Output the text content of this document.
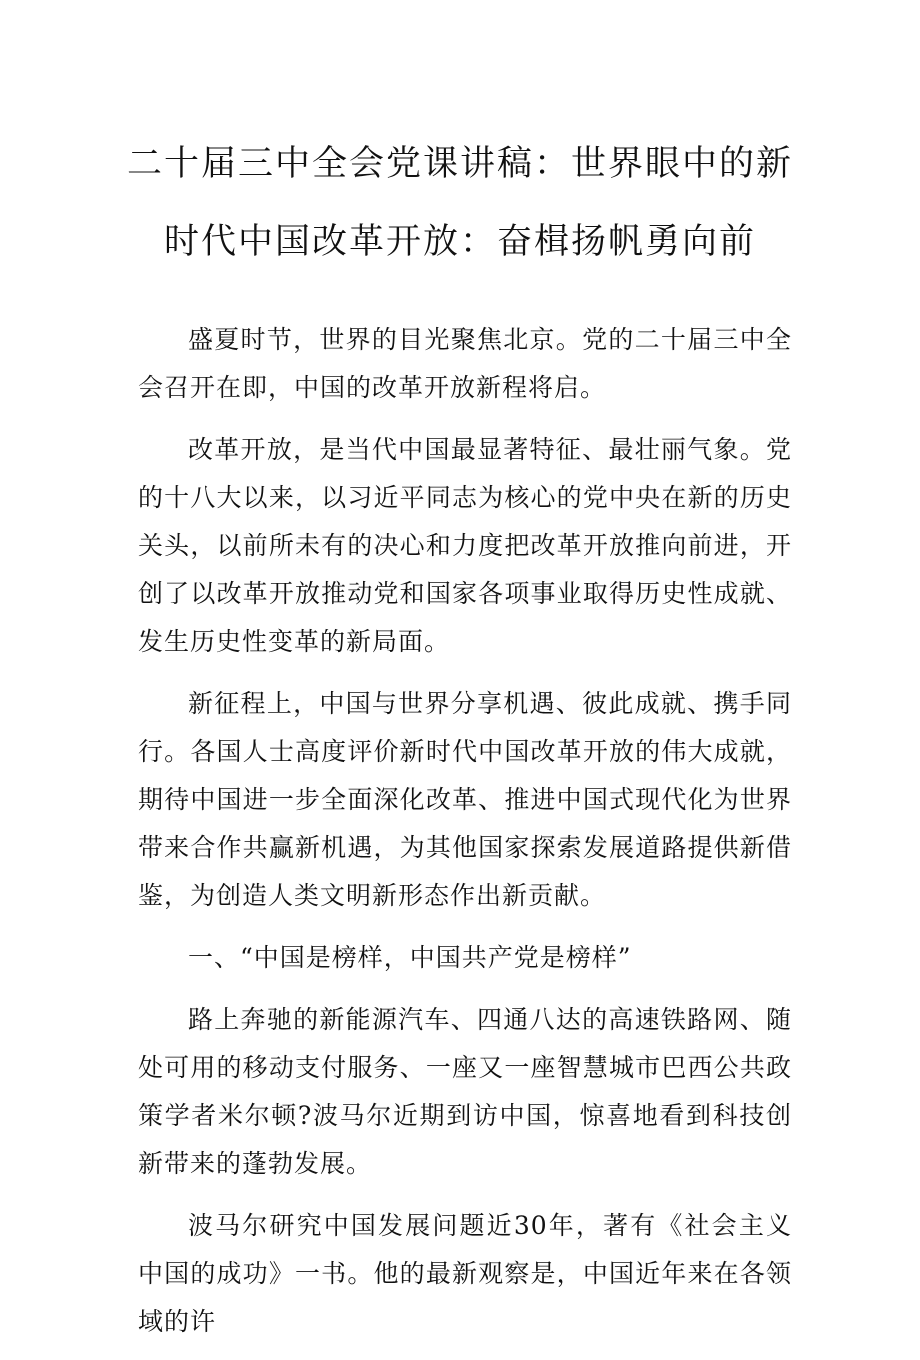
二十届三中全会党课讲稿：世界眼中的新
时代中国改革开放：奋楫扬帆勇向前

盛夏时节，世界的目光聚焦北京。党的二十届三中全会召开在即，中国的改革开放新程将启。

改革开放，是当代中国最显著特征、最壮丽气象。党的十八大以来，以习近平同志为核心的党中央在新的历史关头，以前所未有的决心和力度把改革开放推向前进，开创了以改革开放推动党和国家各项事业取得历史性成就、发生历史性变革的新局面。

新征程上，中国与世界分享机遇、彼此成就、携手同行。各国人士高度评价新时代中国改革开放的伟大成就，期待中国进一步全面深化改革、推进中国式现代化为世界带来合作共赢新机遇，为其他国家探索发展道路提供新借鉴，为创造人类文明新形态作出新贡献。

一、“中国是榜样，中国共产党是榜样”

路上奔驰的新能源汽车、四通八达的高速铁路网、随处可用的移动支付服务、一座又一座智慧城市巴西公共政策学者米尔顿?波马尔近期到访中国，惊喜地看到科技创新带来的蓬勃发展。

波马尔研究中国发展问题近30年，著有《社会主义中国的成功》一书。他的最新观察是，中国近年来在各领域的许
